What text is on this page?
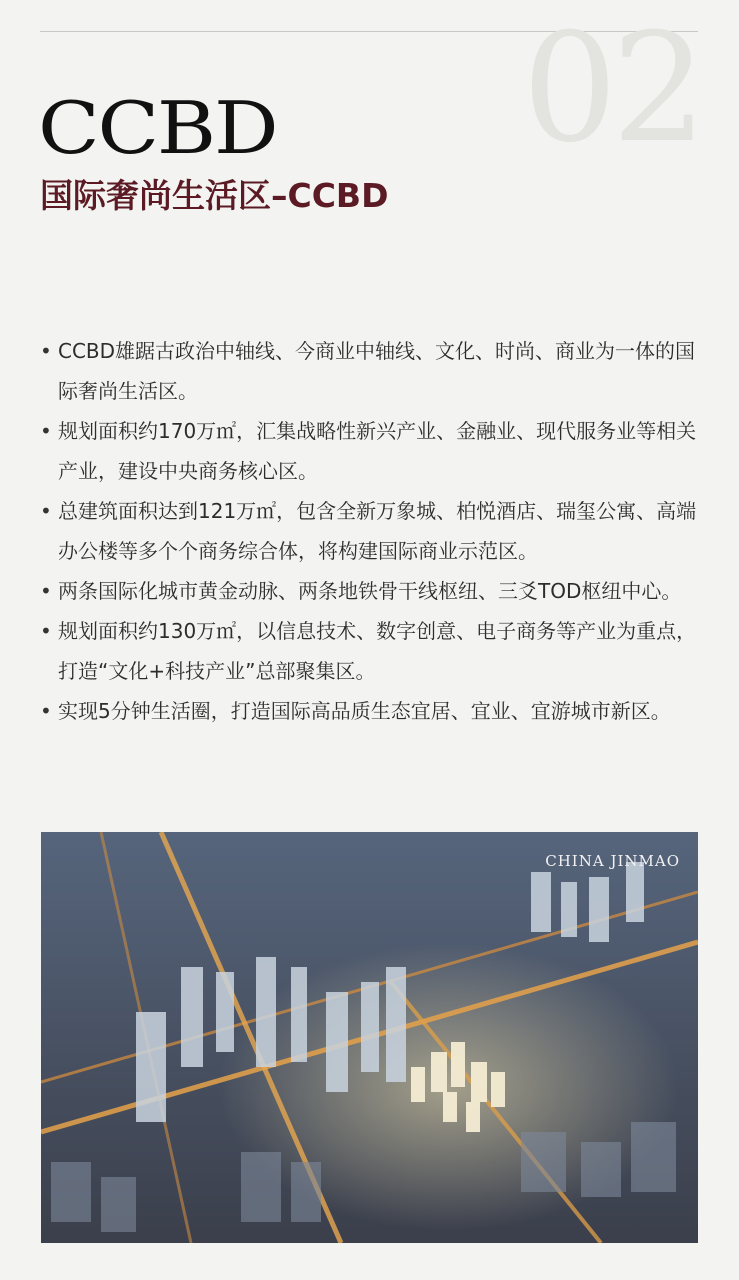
02
CCBD
国际奢尚生活区–CCBD
• CCBD雄踞古政治中轴线、今商业中轴线、文化、时尚、商业为一体的国际奢尚生活区。
• 规划面积约170万㎡，汇集战略性新兴产业、金融业、现代服务业等相关产业，建设中央商务核心区。
• 总建筑面积达到121万㎡，包含全新万象城、柏悦酒店、瑞玺公寓、高端办公楼等多个个商务综合体，将构建国际商业示范区。
• 两条国际化城市黄金动脉、两条地铁骨干线枢纽、三爻TOD枢纽中心。
• 规划面积约130万㎡，以信息技术、数字创意、电子商务等产业为重点，打造“文化+科技产业”总部聚集区。
• 实现5分钟生活圈，打造国际高品质生态宜居、宜业、宜游城市新区。
CHINA JINMAO
